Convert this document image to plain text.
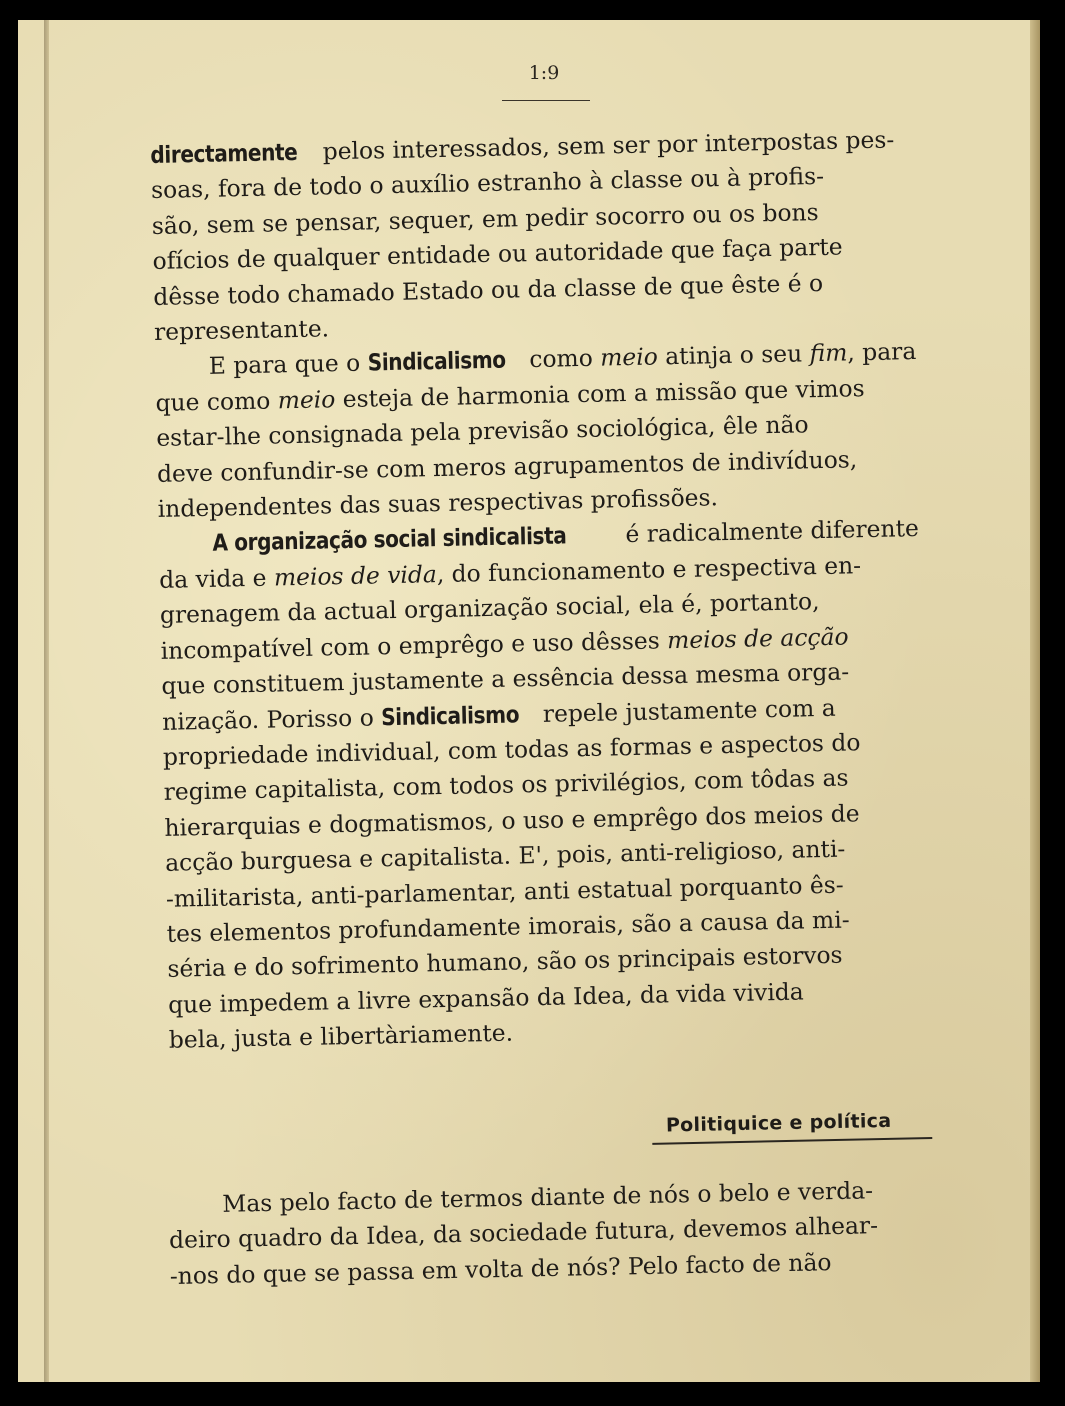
1:9
directamente pelos interessados, sem ser por interpostas pes-
soas, fora de todo o auxílio estranho à classe ou à profis-
são, sem se pensar, sequer, em pedir socorro ou os bons
ofícios de qualquer entidade ou autoridade que faça parte
dêsse todo chamado Estado ou da classe de que êste é o
representante.
E para que o Sindicalismo como meio atinja o seu fim, para
que como meio esteja de harmonia com a missão que vimos
estar-lhe consignada pela previsão sociológica, êle não
deve confundir-se com meros agrupamentos de indivíduos,
independentes das suas respectivas profissões.
A organização social sindicalista é radicalmente diferente
da vida e meios de vida, do funcionamento e respectiva en-
grenagem da actual organização social, ela é, portanto,
incompatível com o emprêgo e uso dêsses meios de acção
que constituem justamente a essência dessa mesma orga-
nização. Porisso o Sindicalismo repele justamente com a
propriedade individual, com todas as formas e aspectos do
regime capitalista, com todos os privilégios, com tôdas as
hierarquias e dogmatismos, o uso e emprêgo dos meios de
acção burguesa e capitalista. E', pois, anti-religioso, anti-
-militarista, anti-parlamentar, anti estatual porquanto ês-
tes elementos profundamente imorais, são a causa da mi-
séria e do sofrimento humano, são os principais estorvos
que impedem a livre expansão da Idea, da vida vivida
bela, justa e libertàriamente.
Politiquice e política
Mas pelo facto de termos diante de nós o belo e verda-
deiro quadro da Idea, da sociedade futura, devemos alhear-
-nos do que se passa em volta de nós? Pelo facto de não
